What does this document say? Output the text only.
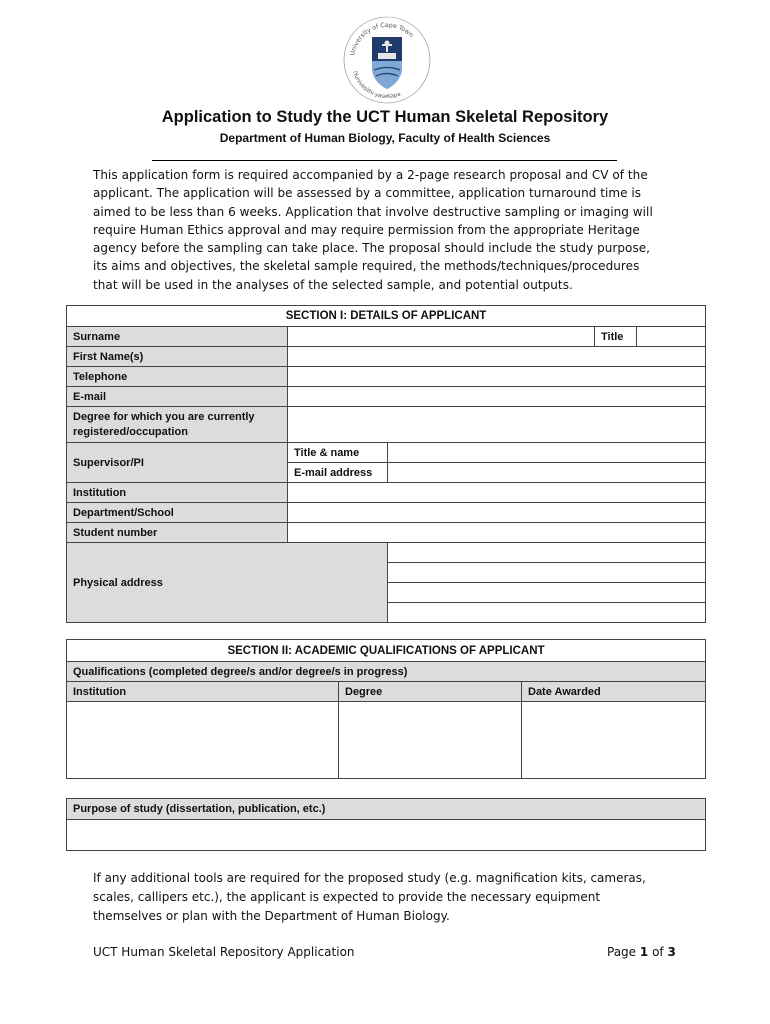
University of Cape Town
iYunivesithi yaseKapa
Application to Study the UCT Human Skeletal Repository
Department of Human Biology, Faculty of Health Sciences
This application form is required accompanied by a 2-page research proposal and CV of the
applicant. The application will be assessed by a committee, application turnaround time is
aimed to be less than 6 weeks. Application that involve destructive sampling or imaging will
require Human Ethics approval and may require permission from the appropriate Heritage
agency before the sampling can take place. The proposal should include the study purpose,
its aims and objectives, the skeletal sample required, the methods/techniques/procedures
that will be used in the analyses of the selected sample, and potential outputs.
SECTION I: DETAILS OF APPLICANT				
Surname			Title	
First Name(s)				
Telephone				
E-mail				
Degree for which you are currently registered/occupation				
Supervisor/PI	Title & name			
	E-mail address			
Institution				
Department/School				
Student number				
Physical address				

SECTION II: ACADEMIC QUALIFICATIONS OF APPLICANT		
Qualifications (completed degree/s and/or degree/s in progress)		
Institution	Degree	Date Awarded

Purpose of study (dissertation, publication, etc.)

If any additional tools are required for the proposed study (e.g. magnification kits, cameras,
scales, callipers etc.), the applicant is expected to provide the necessary equipment
themselves or plan with the Department of Human Biology.
UCT Human Skeletal Repository Application	Page 1 of 3
